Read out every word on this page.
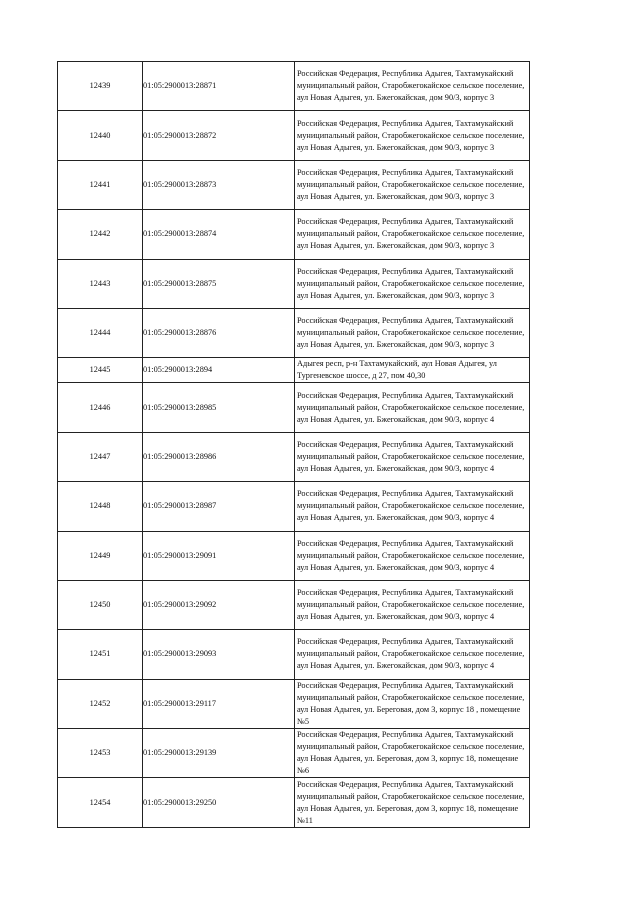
12439	01:05:2900013:28871	Российская Федерация, Республика Адыгея, Тахтамукайский муниципальный район, Старобжегокайское сельское поселение, аул Новая Адыгея, ул. Бжегокайская, дом 90/3, корпус 3

12440	01:05:2900013:28872	Российская Федерация, Республика Адыгея, Тахтамукайский муниципальный район, Старобжегокайское сельское поселение, аул Новая Адыгея, ул. Бжегокайская, дом 90/3, корпус 3

12441	01:05:2900013:28873	Российская Федерация, Республика Адыгея, Тахтамукайский муниципальный район, Старобжегокайское сельское поселение, аул Новая Адыгея, ул. Бжегокайская, дом 90/3, корпус 3

12442	01:05:2900013:28874	Российская Федерация, Республика Адыгея, Тахтамукайский муниципальный район, Старобжегокайское сельское поселение, аул Новая Адыгея, ул. Бжегокайская, дом 90/3, корпус 3

12443	01:05:2900013:28875	Российская Федерация, Республика Адыгея, Тахтамукайский муниципальный район, Старобжегокайское сельское поселение, аул Новая Адыгея, ул. Бжегокайская, дом 90/3, корпус 3

12444	01:05:2900013:28876	Российская Федерация, Республика Адыгея, Тахтамукайский муниципальный район, Старобжегокайское сельское поселение, аул Новая Адыгея, ул. Бжегокайская, дом 90/3, корпус 3

12445	01:05:2900013:2894	Адыгея респ, р-н Тахтамукайский, аул Новая Адыгея, ул Тургеневское шоссе, д 27, пом 40,30

12446	01:05:2900013:28985	Российская Федерация, Республика Адыгея, Тахтамукайский муниципальный район, Старобжегокайское сельское поселение, аул Новая Адыгея, ул. Бжегокайская, дом 90/3, корпус 4

12447	01:05:2900013:28986	Российская Федерация, Республика Адыгея, Тахтамукайский муниципальный район, Старобжегокайское сельское поселение, аул Новая Адыгея, ул. Бжегокайская, дом 90/3, корпус 4

12448	01:05:2900013:28987	Российская Федерация, Республика Адыгея, Тахтамукайский муниципальный район, Старобжегокайское сельское поселение, аул Новая Адыгея, ул. Бжегокайская, дом 90/3, корпус 4

12449	01:05:2900013:29091	Российская Федерация, Республика Адыгея, Тахтамукайский муниципальный район, Старобжегокайское сельское поселение, аул Новая Адыгея, ул. Бжегокайская, дом 90/3, корпус 4

12450	01:05:2900013:29092	Российская Федерация, Республика Адыгея, Тахтамукайский муниципальный район, Старобжегокайское сельское поселение, аул Новая Адыгея, ул. Бжегокайская, дом 90/3, корпус 4

12451	01:05:2900013:29093	Российская Федерация, Республика Адыгея, Тахтамукайский муниципальный район, Старобжегокайское сельское поселение, аул Новая Адыгея, ул. Бжегокайская, дом 90/3, корпус 4

12452	01:05:2900013:29117	Российская Федерация, Республика Адыгея, Тахтамукайский муниципальный район, Старобжегокайское сельское поселение, аул Новая Адыгея, ул. Береговая, дом 3, корпус 18 , помещение №5

12453	01:05:2900013:29139	Российская Федерация, Республика Адыгея, Тахтамукайский муниципальный район, Старобжегокайское сельское поселение, аул Новая Адыгея, ул. Береговая, дом 3, корпус 18, помещение №6

12454	01:05:2900013:29250	Российская Федерация, Республика Адыгея, Тахтамукайский муниципальный район, Старобжегокайское сельское поселение, аул Новая Адыгея, ул. Береговая, дом 3, корпус 18, помещение №11
